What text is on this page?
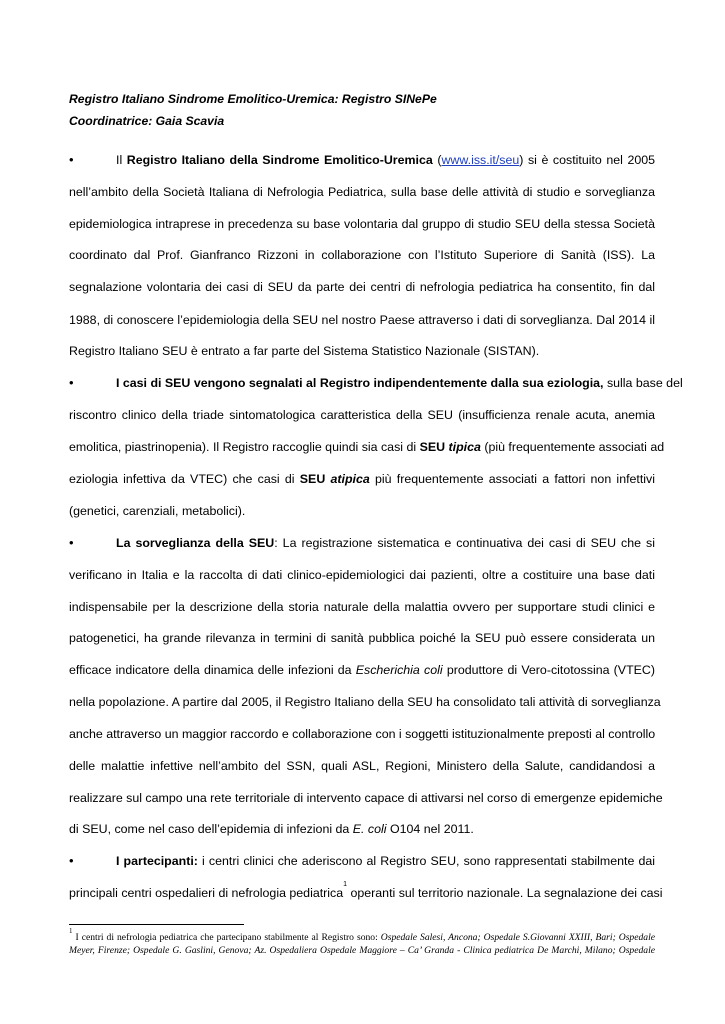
Registro Italiano Sindrome Emolitico-Uremica: Registro SINePe
Coordinatrice: Gaia Scavia
•	Il Registro Italiano della Sindrome Emolitico-Uremica (www.iss.it/seu) si è costituito nel 2005
nell’ambito della Società Italiana di Nefrologia Pediatrica, sulla base delle attività di studio e sorveglianza
epidemiologica intraprese in precedenza su base volontaria dal gruppo di studio SEU della stessa Società
coordinato dal Prof. Gianfranco Rizzoni in collaborazione con l’Istituto Superiore di Sanità (ISS). La
segnalazione volontaria dei casi di SEU da parte dei centri di nefrologia pediatrica ha consentito, fin dal
1988, di conoscere l’epidemiologia della SEU nel nostro Paese attraverso i dati di sorveglianza. Dal 2014 il
Registro Italiano SEU è entrato a far parte del Sistema Statistico Nazionale (SISTAN).
•	I casi di SEU vengono segnalati al Registro indipendentemente dalla sua eziologia, sulla base del
riscontro clinico della triade sintomatologica caratteristica della SEU (insufficienza renale acuta, anemia
emolitica, piastrinopenia). Il Registro raccoglie quindi sia casi di SEU tipica (più frequentemente associati ad
eziologia infettiva da VTEC) che casi di SEU atipica più frequentemente associati a fattori non infettivi
(genetici, carenziali, metabolici).
•	La sorveglianza della SEU: La registrazione sistematica e continuativa dei casi di SEU che si
verificano in Italia e la raccolta di dati clinico-epidemiologici dai pazienti, oltre a costituire una base dati
indispensabile per la descrizione della storia naturale della malattia ovvero per supportare studi clinici e
patogenetici, ha grande rilevanza in termini di sanità pubblica poiché la SEU può essere considerata un
efficace indicatore della dinamica delle infezioni da Escherichia coli produttore di Vero-citotossina (VTEC)
nella popolazione. A partire dal 2005, il Registro Italiano della SEU ha consolidato tali attività di sorveglianza
anche attraverso un maggior raccordo e collaborazione con i soggetti istituzionalmente preposti al controllo
delle malattie infettive nell’ambito del SSN, quali ASL, Regioni, Ministero della Salute, candidandosi a
realizzare sul campo una rete territoriale di intervento capace di attivarsi nel corso di emergenze epidemiche
di SEU, come nel caso dell’epidemia di infezioni da E. coli O104 nel 2011.
•	I partecipanti: i centri clinici che aderiscono al Registro SEU, sono rappresentati stabilmente dai
principali centri ospedalieri di nefrologia pediatrica$^1$ operanti sul territorio nazionale. La segnalazione dei casi
$^1$ I centri di nefrologia pediatrica che partecipano stabilmente al Registro sono: Ospedale Salesi, Ancona; Ospedale S.Giovanni XXIII, Bari; Ospedale
Meyer, Firenze; Ospedale G. Gaslini, Genova; Az. Ospedaliera Ospedale Maggiore – Ca’ Granda - Clinica pediatrica De Marchi, Milano; Ospedale
